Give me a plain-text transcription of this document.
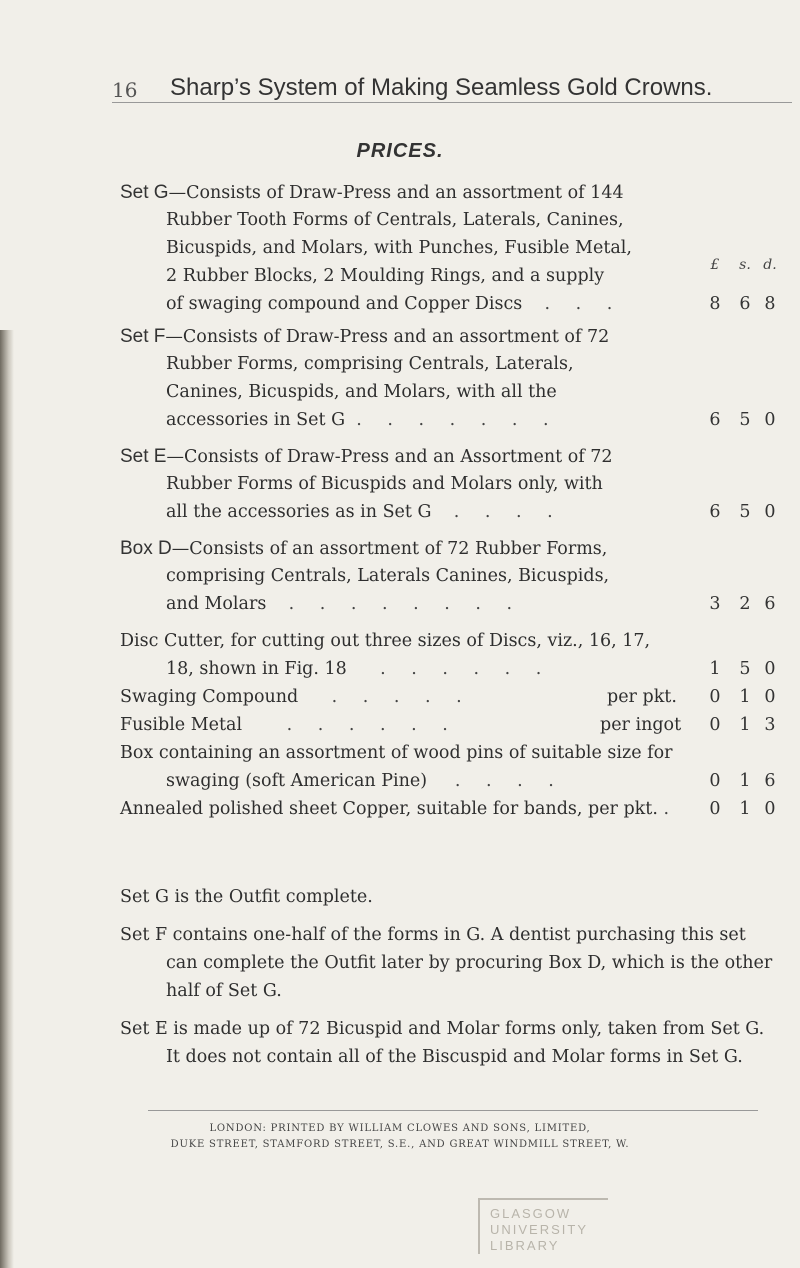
16 Sharp’s System of Making Seamless Gold Crowns.
PRICES.
£	s. d.
Set G—Consists of Draw-Press and an assortment of 144
Rubber Tooth Forms of Centrals, Laterals, Canines,
Bicuspids, and Molars, with Punches, Fusible Metal,
2 Rubber Blocks, 2 Moulding Rings, and a supply
of swaging compound and Copper Discs . . .	8 6 8
Set F—Consists of Draw-Press and an assortment of 72
Rubber Forms, comprising Centrals, Laterals,
Canines, Bicuspids, and Molars, with all the
accessories in Set G . . . . . . .	6 5 0
Set E—Consists of Draw-Press and an Assortment of 72
Rubber Forms of Bicuspids and Molars only, with
all the accessories as in Set G . . . .	6 5 0
Box D—Consists of an assortment of 72 Rubber Forms,
comprising Centrals, Laterals Canines, Bicuspids,
and Molars . . . . . . . .	3 2 6
Disc Cutter, for cutting out three sizes of Discs, viz., 16, 17,
18, shown in Fig. 18 . . . . . .	1 5 0
Swaging Compound . . . . .	per pkt. 0 1 0
Fusible Metal	. . . . . .	per ingot 0 1 3
Box containing an assortment of wood pins of suitable size for
swaging (soft American Pine) . . . .	0 1 6
Annealed polished sheet Copper, suitable for bands, per pkt. . 0 1 0
Set G is the Outfit complete.
Set F contains one-half of the forms in G. A dentist purchasing this set
can complete the Outfit later by procuring Box D, which is the other
half of Set G.
Set E is made up of 72 Bicuspid and Molar forms only, taken from Set G.
It does not contain all of the Biscuspid and Molar forms in Set G.
LONDON: PRINTED BY WILLIAM CLOWES AND SONS, LIMITED,
DUKE STREET, STAMFORD STREET, S.E., AND GREAT WINDMILL STREET, W.
GLASGOW
UNIVERSITY
LIBRARY
